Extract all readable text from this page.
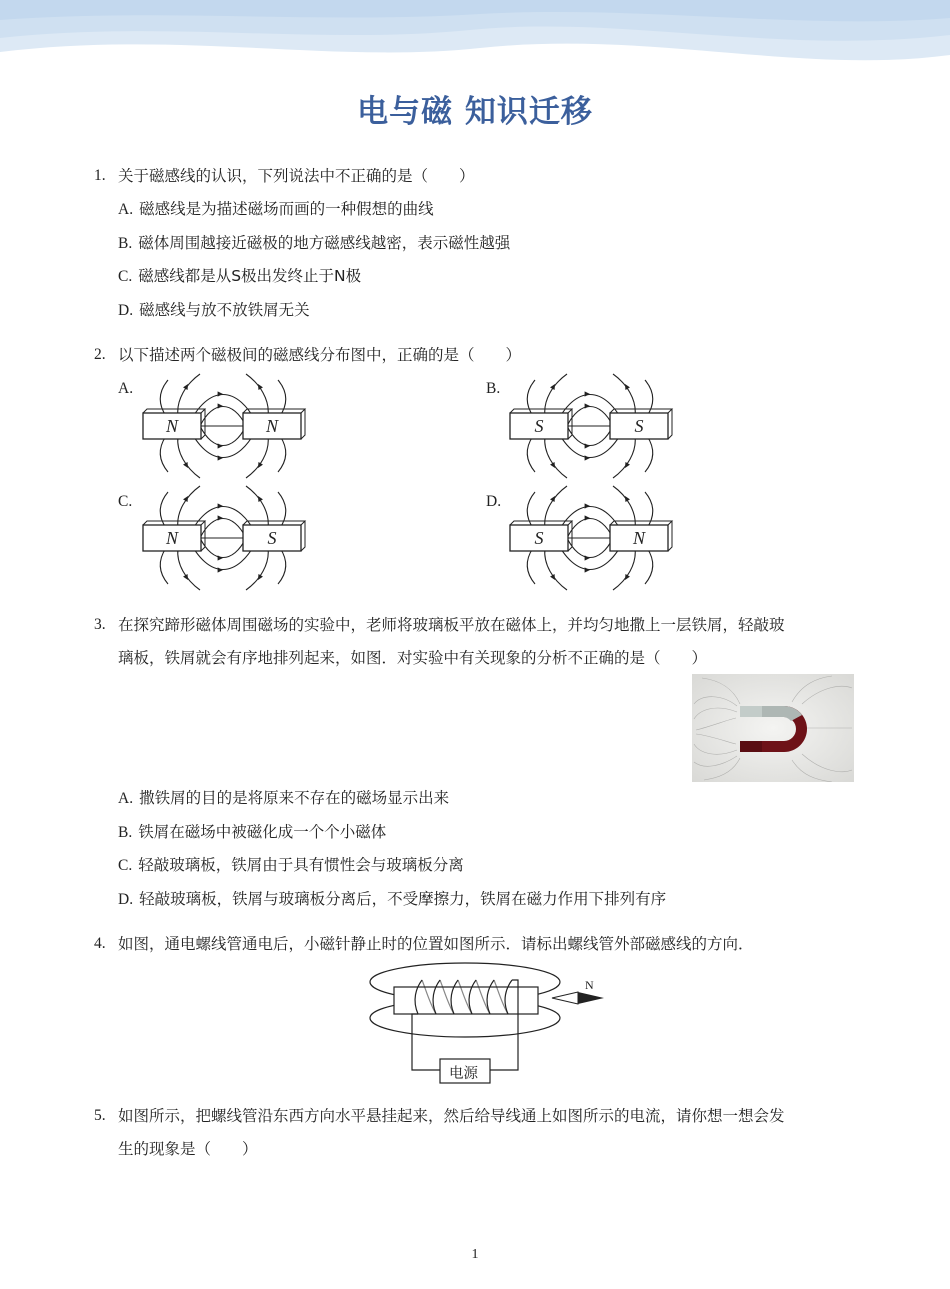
电与磁 知识迁移
1. 关于磁感线的认识，下列说法中不正确的是（　　）
A. 磁感线是为描述磁场而画的一种假想的曲线
B. 磁体周围越接近磁极的地方磁感线越密，表示磁性越强
C. 磁感线都是从S极出发终止于N极
D. 磁感线与放不放铁屑无关
2. 以下描述两个磁极间的磁感线分布图中，正确的是（　　）
A.	B.
C.	D.
N	N	S	S
N	S	S	N
3. 在探究蹄形磁体周围磁场的实验中，老师将玻璃板平放在磁体上，并均匀地撒上一层铁屑，轻敲玻
璃板，铁屑就会有序地排列起来，如图．对实验中有关现象的分析不正确的是（　　）
A. 撒铁屑的目的是将原来不存在的磁场显示出来
B. 铁屑在磁场中被磁化成一个个小磁体
C. 轻敲玻璃板，铁屑由于具有惯性会与玻璃板分离
D. 轻敲玻璃板，铁屑与玻璃板分离后，不受摩擦力，铁屑在磁力作用下排列有序
4. 如图，通电螺线管通电后，小磁针静止时的位置如图所示．请标出螺线管外部磁感线的方向．
电源
N
5. 如图所示，把螺线管沿东西方向水平悬挂起来，然后给导线通上如图所示的电流，请你想一想会发
生的现象是（　　）
1
